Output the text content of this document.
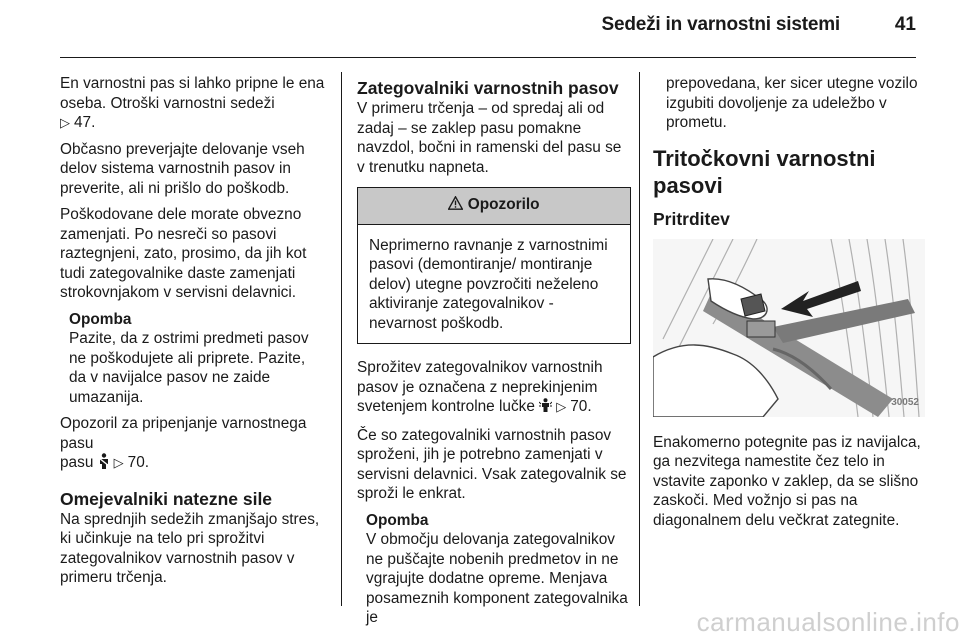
Sedeži in varnostni sistemi	41

En varnostni pas si lahko pripne le ena oseba. Otroški varnostni sedeži
▷ 47.

Občasno preverjajte delovanje vseh delov sistema varnostnih pasov in preverite, ali ni prišlo do poškodb.

Poškodovane dele morate obvezno zamenjati. Po nesreči so pasovi raztegnjeni, zato, prosimo, da jih kot tudi zategovalnike daste zamenjati strokovnjakom v servisni delavnici.

Opomba
Pazite, da z ostrimi predmeti pasov ne poškodujete ali priprete. Pazite, da v navijalce pasov ne zaide umazanija.

Opozoril za pripenjanje varnostnega pasu
pasu ▷ 70.

Omejevalniki natezne sile

Na sprednjih sedežih zmanjšajo stres, ki učinkuje na telo pri sprožitvi zategovalnikov varnostnih pasov v primeru trčenja.

Zategovalniki varnostnih pasov

V primeru trčenja – od spredaj ali od zadaj – se zaklep pasu pomakne navzdol, bočni in ramenski del pasu se v trenutku napneta.

Opozorilo
Neprimerno ravnanje z varnostnimi pasovi (demontiranje/ montiranje delov) utegne povzročiti neželeno aktiviranje zategovalnikov - nevarnost poškodb.

Sprožitev zategovalnikov varnostnih pasov je označena z neprekinjenim svetenjem kontrolne lučke ▷ 70.

Če so zategovalniki varnostnih pasov sproženi, jih je potrebno zamenjati v servisni delavnici. Vsak zategovalnik se sproži le enkrat.

Opomba
V območju delovanja zategovalnikov ne puščajte nobenih predmetov in ne vgrajujte dodatne opreme. Menjava posameznih komponent zategovalnika je
prepovedana, ker sicer utegne vozilo izgubiti dovoljenje za udeležbo v prometu.
Tritočkovni varnostni pasovi
Pritrditev
30052

Enakomerno potegnite pas iz navijalca, ga nezvitega namestite čez telo in vstavite zaponko v zaklep, da se slišno zaskoči. Med vožnjo si pas na diagonalnem delu večkrat zategnite.

carmanualsonline.info
